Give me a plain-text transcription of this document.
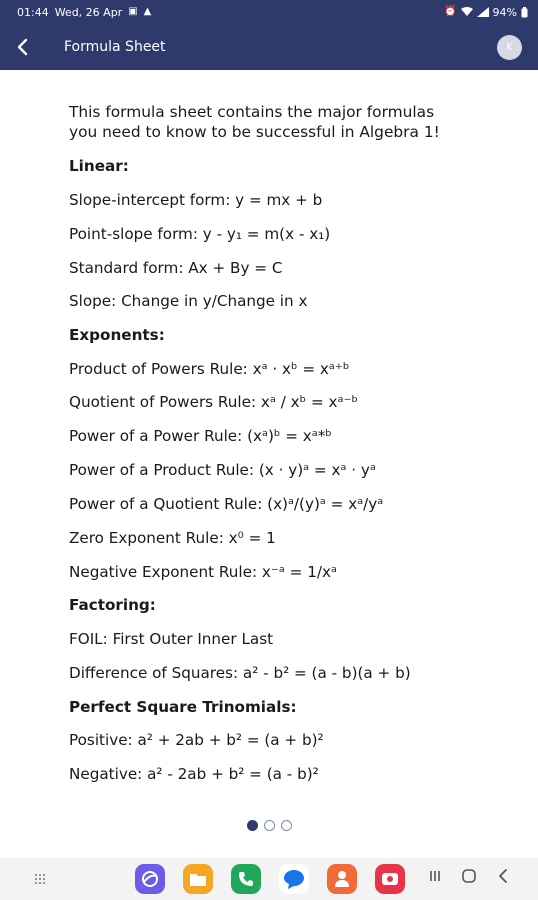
01:44 Wed, 26 Apr ▣ ▲	⏰	94%
Formula Sheet	K
This formula sheet contains the major formulas
you need to know to be successful in Algebra 1!
Linear:
Slope-intercept form: y = mx + b
Point-slope form: y - y₁ = m(x - x₁)
Standard form: Ax + By = C
Slope: Change in y/Change in x
Exponents:
Product of Powers Rule: xᵃ · xᵇ = xᵃ⁺ᵇ
Quotient of Powers Rule: xᵃ / xᵇ = xᵃ⁻ᵇ
Power of a Power Rule: (xᵃ)ᵇ = xᵃ*ᵇ
Power of a Product Rule: (x · y)ᵃ = xᵃ · yᵃ
Power of a Quotient Rule: (x)ᵃ/(y)ᵃ = xᵃ/yᵃ
Zero Exponent Rule: x⁰ = 1
Negative Exponent Rule: x⁻ᵃ = 1/xᵃ
Factoring:
FOIL: First Outer Inner Last
Difference of Squares: a² - b² = (a - b)(a + b)
Perfect Square Trinomials:
Positive: a² + 2ab + b² = (a + b)²
Negative: a² - 2ab + b² = (a - b)²
